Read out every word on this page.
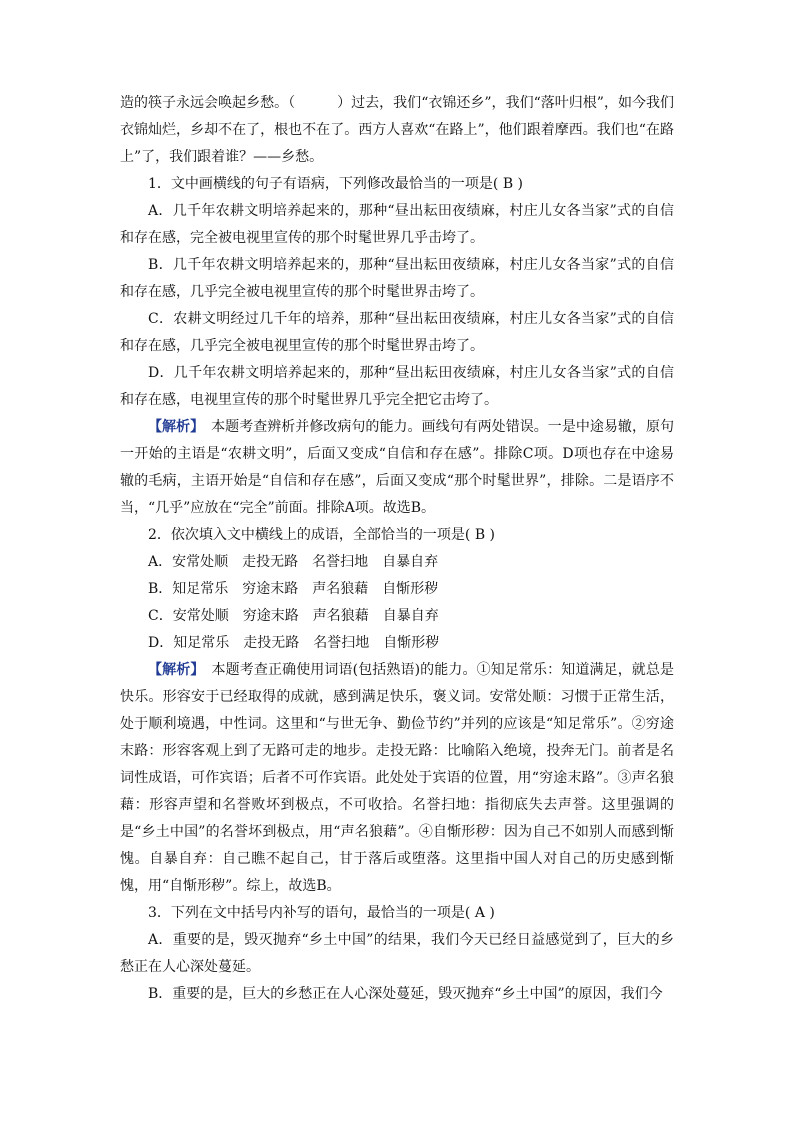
造的筷子永远会唤起乡愁。（　　　）过去，我们“衣锦还乡”，我们“落叶归根”，如今我们衣锦灿烂，乡却不在了，根也不在了。西方人喜欢“在路上”，他们跟着摩西。我们也“在路上”了，我们跟着谁？——乡愁。

1．文中画横线的句子有语病，下列修改最恰当的一项是( B )

A．几千年农耕文明培养起来的，那种“昼出耘田夜绩麻，村庄儿女各当家”式的自信和存在感，完全被电视里宣传的那个时髦世界几乎击垮了。

B．几千年农耕文明培养起来的，那种“昼出耘田夜绩麻，村庄儿女各当家”式的自信和存在感，几乎完全被电视里宣传的那个时髦世界击垮了。

C．农耕文明经过几千年的培养，那种“昼出耘田夜绩麻，村庄儿女各当家”式的自信和存在感，几乎完全被电视里宣传的那个时髦世界击垮了。

D．几千年农耕文明培养起来的，那种“昼出耘田夜绩麻，村庄儿女各当家”式的自信和存在感，电视里宣传的那个时髦世界几乎完全把它击垮了。

【解析】　 本题考查辨析并修改病句的能力。画线句有两处错误。一是中途易辙，原句一开始的主语是“农耕文明”，后面又变成“自信和存在感”。排除C项。D项也存在中途易辙的毛病，主语开始是“自信和存在感”，后面又变成“那个时髦世界”，排除。二是语序不当，“几乎”应放在“完全”前面。排除A项。故选B。

2．依次填入文中横线上的成语，全部恰当的一项是( B )

A．安常处顺　走投无路　名誉扫地　自暴自弃

B．知足常乐　穷途末路　声名狼藉　自惭形秽

C．安常处顺　穷途末路　声名狼藉　自暴自弃

D．知足常乐　走投无路　名誉扫地　自惭形秽

【解析】　 本题考查正确使用词语(包括熟语)的能力。①知足常乐：知道满足，就总是快乐。形容安于已经取得的成就，感到满足快乐，褒义词。安常处顺：习惯于正常生活，处于顺利境遇，中性词。这里和“与世无争、勤俭节约”并列的应该是“知足常乐”。②穷途末路：形容客观上到了无路可走的地步。走投无路：比喻陷入绝境，投奔无门。前者是名词性成语，可作宾语；后者不可作宾语。此处处于宾语的位置，用“穷途末路”。③声名狼藉：形容声望和名誉败坏到极点，不可收拾。名誉扫地：指彻底失去声誉。这里强调的是“乡土中国”的名誉坏到极点，用“声名狼藉”。④自惭形秽：因为自己不如别人而感到惭愧。自暴自弃：自己瞧不起自己，甘于落后或堕落。这里指中国人对自己的历史感到惭愧，用“自惭形秽”。综上，故选B。

3．下列在文中括号内补写的语句，最恰当的一项是( A )

A．重要的是，毁灭抛弃“乡土中国”的结果，我们今天已经日益感觉到了，巨大的乡愁正在人心深处蔓延。

B．重要的是，巨大的乡愁正在人心深处蔓延，毁灭抛弃“乡土中国”的原因，我们今
